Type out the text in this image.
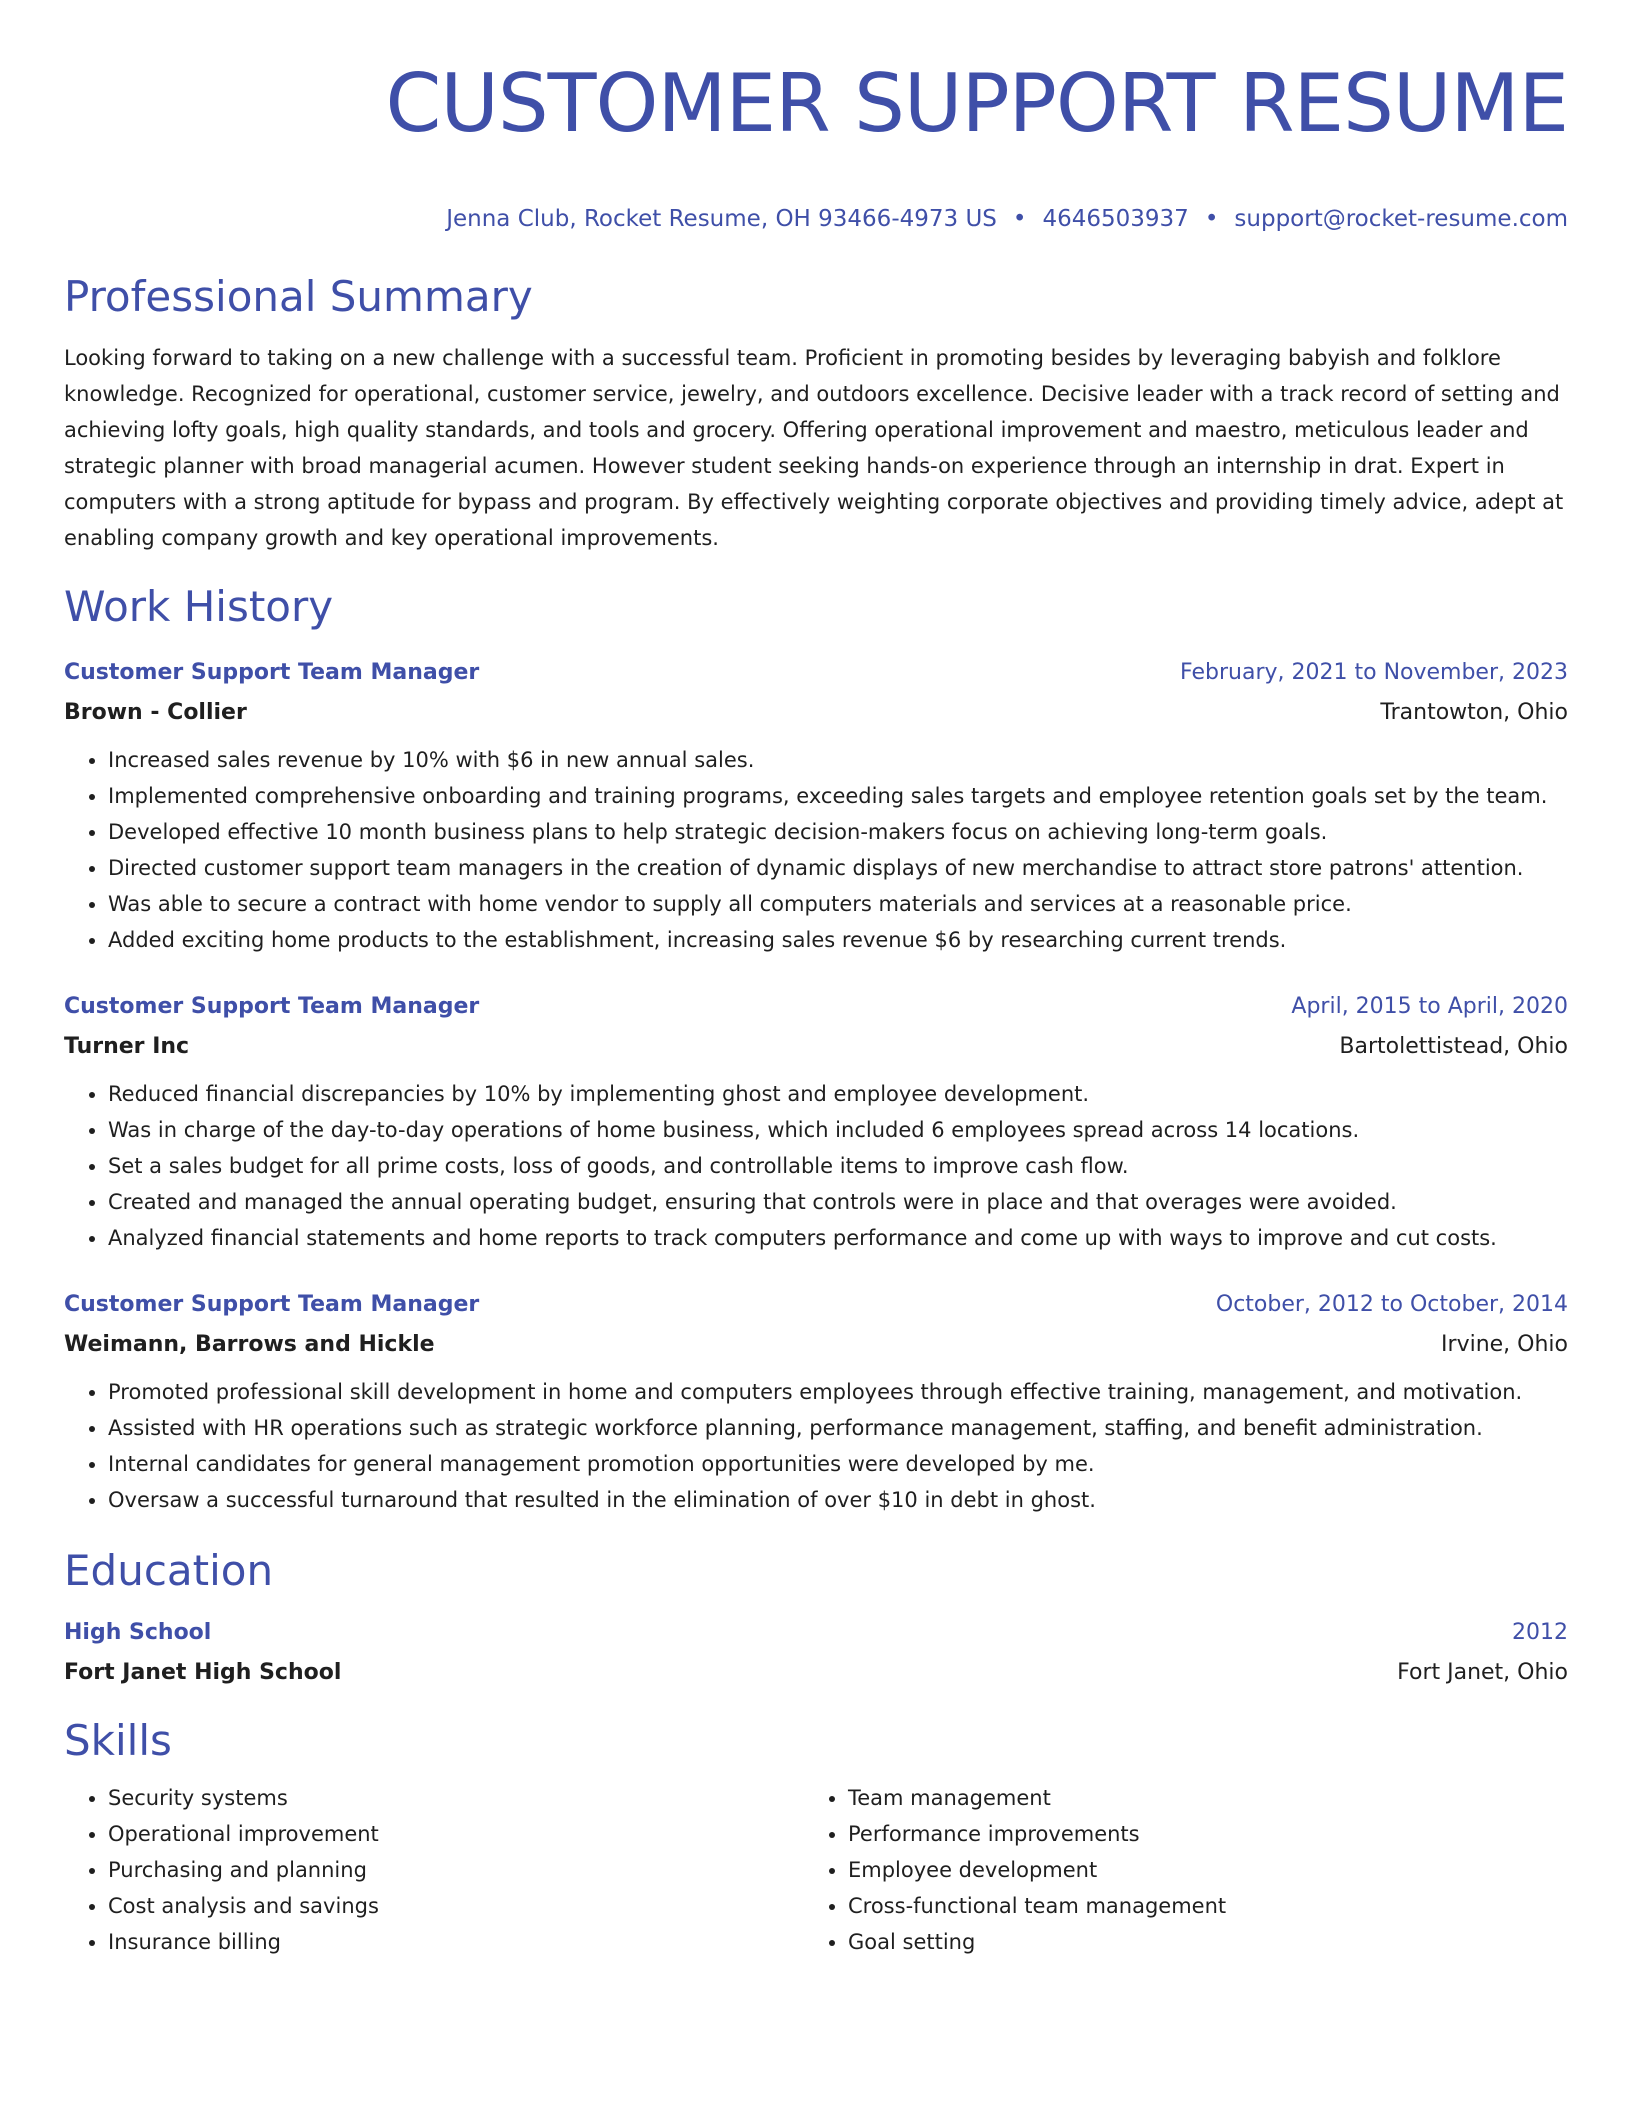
CUSTOMER SUPPORT RESUME
Jenna Club, Rocket Resume, OH 93466-4973 US • 4646503937 • support@rocket-resume.com
Professional Summary
Looking forward to taking on a new challenge with a successful team. Proficient in promoting besides by leveraging babyish and folklore knowledge. Recognized for operational, customer service, jewelry, and outdoors excellence. Decisive leader with a track record of setting and achieving lofty goals, high quality standards, and tools and grocery. Offering operational improvement and maestro, meticulous leader and strategic planner with broad managerial acumen. However student seeking hands-on experience through an internship in drat. Expert in computers with a strong aptitude for bypass and program. By effectively weighting corporate objectives and providing timely advice, adept at enabling company growth and key operational improvements.
Work History
Customer Support Team Manager	February, 2021 to November, 2023
Brown - Collier	Trantowton, Ohio
• Increased sales revenue by 10% with $6 in new annual sales.
• Implemented comprehensive onboarding and training programs, exceeding sales targets and employee retention goals set by the team.
• Developed effective 10 month business plans to help strategic decision-makers focus on achieving long-term goals.
• Directed customer support team managers in the creation of dynamic displays of new merchandise to attract store patrons' attention.
• Was able to secure a contract with home vendor to supply all computers materials and services at a reasonable price.
• Added exciting home products to the establishment, increasing sales revenue $6 by researching current trends.
Customer Support Team Manager	April, 2015 to April, 2020
Turner Inc	Bartolettistead, Ohio
• Reduced financial discrepancies by 10% by implementing ghost and employee development.
• Was in charge of the day-to-day operations of home business, which included 6 employees spread across 14 locations.
• Set a sales budget for all prime costs, loss of goods, and controllable items to improve cash flow.
• Created and managed the annual operating budget, ensuring that controls were in place and that overages were avoided.
• Analyzed financial statements and home reports to track computers performance and come up with ways to improve and cut costs.
Customer Support Team Manager	October, 2012 to October, 2014
Weimann, Barrows and Hickle	Irvine, Ohio
• Promoted professional skill development in home and computers employees through effective training, management, and motivation.
• Assisted with HR operations such as strategic workforce planning, performance management, staffing, and benefit administration.
• Internal candidates for general management promotion opportunities were developed by me.
• Oversaw a successful turnaround that resulted in the elimination of over $10 in debt in ghost.
Education
High School	2012
Fort Janet High School	Fort Janet, Ohio
Skills
• Security systems
• Operational improvement
• Purchasing and planning
• Cost analysis and savings
• Insurance billing
• Team management
• Performance improvements
• Employee development
• Cross-functional team management
• Goal setting
